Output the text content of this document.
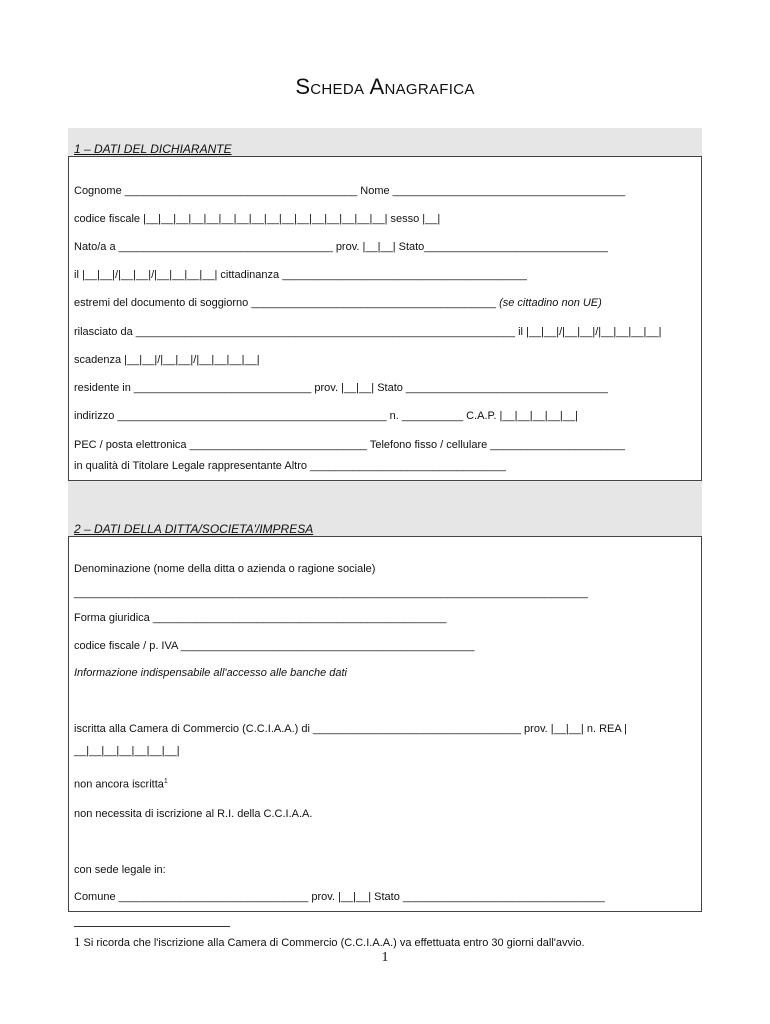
Scheda Anagrafica
1 – DATI DEL DICHIARANTE
Cognome ______________________________________ Nome ______________________________________
codice fiscale |__|__|__|__|__|__|__|__|__|__|__|__|__|__|__|__| sesso |__|
Nato/a a ___________________________________ prov. |__|__| Stato______________________________
il |__|__|/|__|__|/|__|__|__|__| cittadinanza ________________________________________
estremi del documento di soggiorno ________________________________________ (se cittadino non UE)
rilasciato da ______________________________________________________________ il |__|__|/|__|__|/|__|__|__|__|
scadenza |__|__|/|__|__|/|__|__|__|__|
residente in _____________________________ prov. |__|__| Stato _________________________________
indirizzo ____________________________________________ n. __________ C.A.P. |__|__|__|__|__|
PEC / posta elettronica _____________________________ Telefono fisso / cellulare ______________________
in qualità di Titolare Legale rappresentante Altro ________________________________
2 – DATI DELLA DITTA/SOCIETA'/IMPRESA
Denominazione (nome della ditta o azienda o ragione sociale)
____________________________________________________________________________________
Forma giuridica ________________________________________________
codice fiscale / p. IVA ________________________________________________
Informazione indispensabile all'accesso alle banche dati
iscritta alla Camera di Commercio (C.C.I.A.A.) di __________________________________ prov. |__|__| n. REA |
__|__|__|__|__|__|__|
non ancora iscritta$^1$
non necessita di iscrizione al R.I. della C.C.I.A.A.
con sede legale in:
Comune _______________________________ prov. |__|__| Stato _________________________________
1 Si ricorda che l'iscrizione alla Camera di Commercio (C.C.I.A.A.) va effettuata entro 30 giorni dall'avvio.
1
